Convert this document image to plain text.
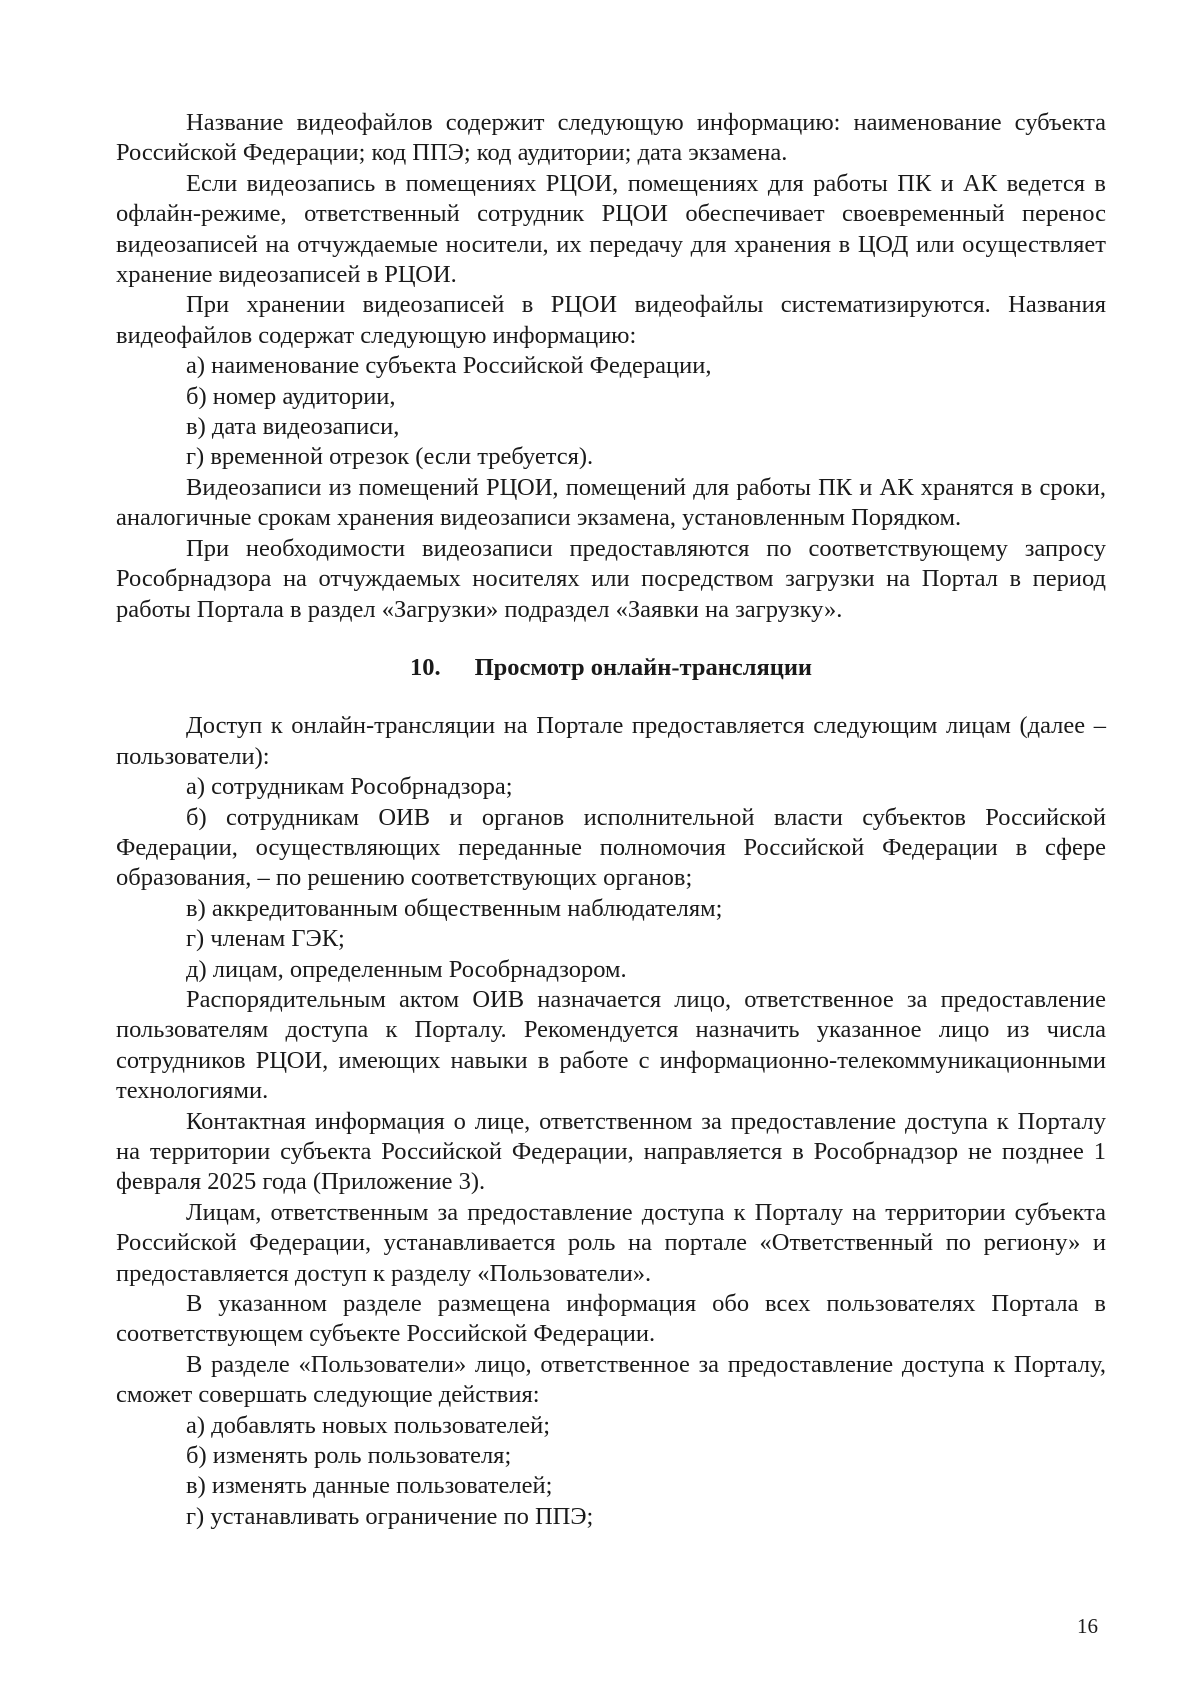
Название видеофайлов содержит следующую информацию: наименование субъекта Российской Федерации; код ППЭ; код аудитории; дата экзамена.

Если видеозапись в помещениях РЦОИ, помещениях для работы ПК и АК ведется в офлайн-режиме, ответственный сотрудник РЦОИ обеспечивает своевременный перенос видеозаписей на отчуждаемые носители, их передачу для хранения в ЦОД или осуществляет хранение видеозаписей в РЦОИ.

При хранении видеозаписей в РЦОИ видеофайлы систематизируются. Названия видеофайлов содержат следующую информацию:

а) наименование субъекта Российской Федерации,

б) номер аудитории,

в) дата видеозаписи,

г) временной отрезок (если требуется).

Видеозаписи из помещений РЦОИ, помещений для работы ПК и АК хранятся в сроки, аналогичные срокам хранения видеозаписи экзамена, установленным Порядком.

При необходимости видеозаписи предоставляются по соответствующему запросу Рособрнадзора на отчуждаемых носителях или посредством загрузки на Портал в период работы Портала в раздел «Загрузки» подраздел «Заявки на загрузку».

10. Просмотр онлайн-трансляции

Доступ к онлайн-трансляции на Портале предоставляется следующим лицам (далее – пользователи):

а) сотрудникам Рособрнадзора;

б) сотрудникам ОИВ и органов исполнительной власти субъектов Российской Федерации, осуществляющих переданные полномочия Российской Федерации в сфере образования, – по решению соответствующих органов;

в) аккредитованным общественным наблюдателям;

г) членам ГЭК;

д) лицам, определенным Рособрнадзором.

Распорядительным актом ОИВ назначается лицо, ответственное за предоставление пользователям доступа к Порталу. Рекомендуется назначить указанное лицо из числа сотрудников РЦОИ, имеющих навыки в работе с информационно-телекоммуникационными технологиями.

Контактная информация о лице, ответственном за предоставление доступа к Порталу на территории субъекта Российской Федерации, направляется в Рособрнадзор не позднее 1 февраля 2025 года (Приложение 3).

Лицам, ответственным за предоставление доступа к Порталу на территории субъекта Российской Федерации, устанавливается роль на портале «Ответственный по региону» и предоставляется доступ к разделу «Пользователи».

В указанном разделе размещена информация обо всех пользователях Портала в соответствующем субъекте Российской Федерации.

В разделе «Пользователи» лицо, ответственное за предоставление доступа к Порталу, сможет совершать следующие действия:

а) добавлять новых пользователей;

б) изменять роль пользователя;

в) изменять данные пользователей;

г) устанавливать ограничение по ППЭ;

16
